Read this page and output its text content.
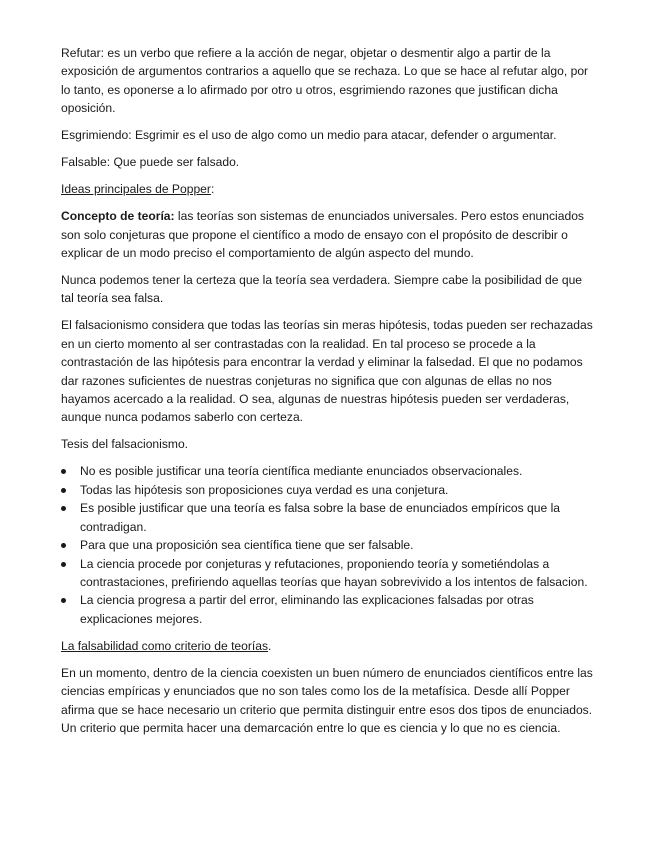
Refutar: es un verbo que refiere a la acción de negar, objetar o desmentir algo a partir de la exposición de argumentos contrarios a aquello que se rechaza. Lo que se hace al refutar algo, por lo tanto, es oponerse a lo afirmado por otro u otros, esgrimiendo razones que justifican dicha oposición.

Esgrimiendo: Esgrimir es el uso de algo como un medio para atacar, defender o argumentar.

Falsable: Que puede ser falsado.

Ideas principales de Popper:

Concepto de teoría: las teorías son sistemas de enunciados universales. Pero estos enunciados son solo conjeturas que propone el científico a modo de ensayo con el propósito de describir o explicar de un modo preciso el comportamiento de algún aspecto del mundo.

Nunca podemos tener la certeza que la teoría sea verdadera. Siempre cabe la posibilidad de que tal teoría sea falsa.

El falsacionismo considera que todas las teorías sin meras hipótesis, todas pueden ser rechazadas en un cierto momento al ser contrastadas con la realidad. En tal proceso se procede a la contrastación de las hipótesis para encontrar la verdad y eliminar la falsedad. El que no podamos dar razones suficientes de nuestras conjeturas no significa que con algunas de ellas no nos hayamos acercado a la realidad. O sea, algunas de nuestras hipótesis pueden ser verdaderas, aunque nunca podamos saberlo con certeza.

Tesis del falsacionismo.

No es posible justificar una teoría científica mediante enunciados observacionales.
Todas las hipótesis son proposiciones cuya verdad es una conjetura.
Es posible justificar que una teoría es falsa sobre la base de enunciados empíricos que la contradigan.
Para que una proposición sea científica tiene que ser falsable.
La ciencia procede por conjeturas y refutaciones, proponiendo teoría y sometiéndolas a contrastaciones, prefiriendo aquellas teorías que hayan sobrevivido a los intentos de falsacion.
La ciencia progresa a partir del error, eliminando las explicaciones falsadas por otras explicaciones mejores.

La falsabilidad como criterio de teorías.

En un momento, dentro de la ciencia coexisten un buen número de enunciados científicos entre las ciencias empíricas y enunciados que no son tales como los de la metafísica. Desde allí Popper afirma que se hace necesario un criterio que permita distinguir entre esos dos tipos de enunciados. Un criterio que permita hacer una demarcación entre lo que es ciencia y lo que no es ciencia.
